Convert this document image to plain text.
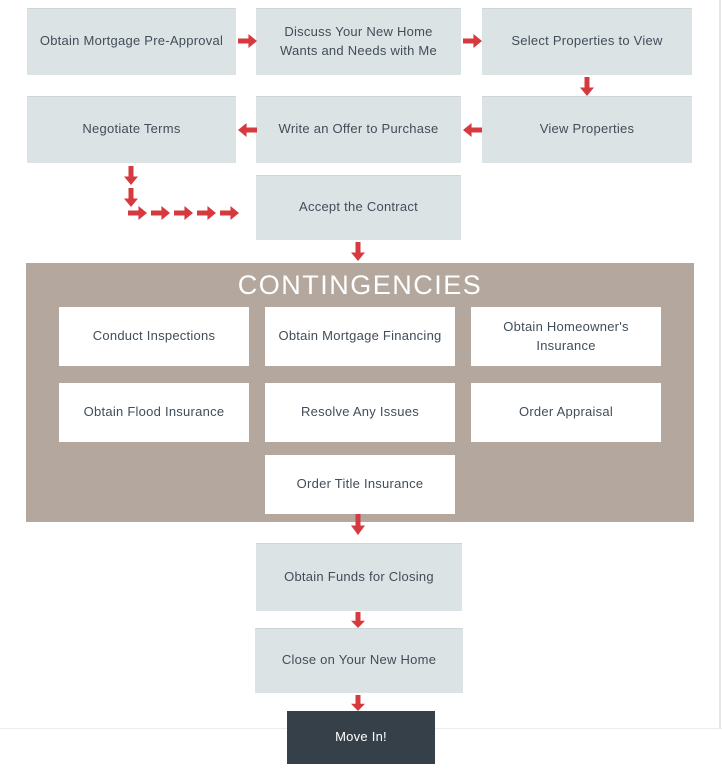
Obtain Mortgage Pre-Approval
Discuss Your New Home Wants and Needs with Me
Select Properties to View
Negotiate Terms	Write an Offer to Purchase	View Properties
Accept the Contract
CONTINGENCIES
Conduct Inspections	Obtain Mortgage Financing
Obtain Homeowner's Insurance
Obtain Flood Insurance	Resolve Any Issues	Order Appraisal
Order Title Insurance
Obtain Funds for Closing
Close on Your New Home
Move In!
